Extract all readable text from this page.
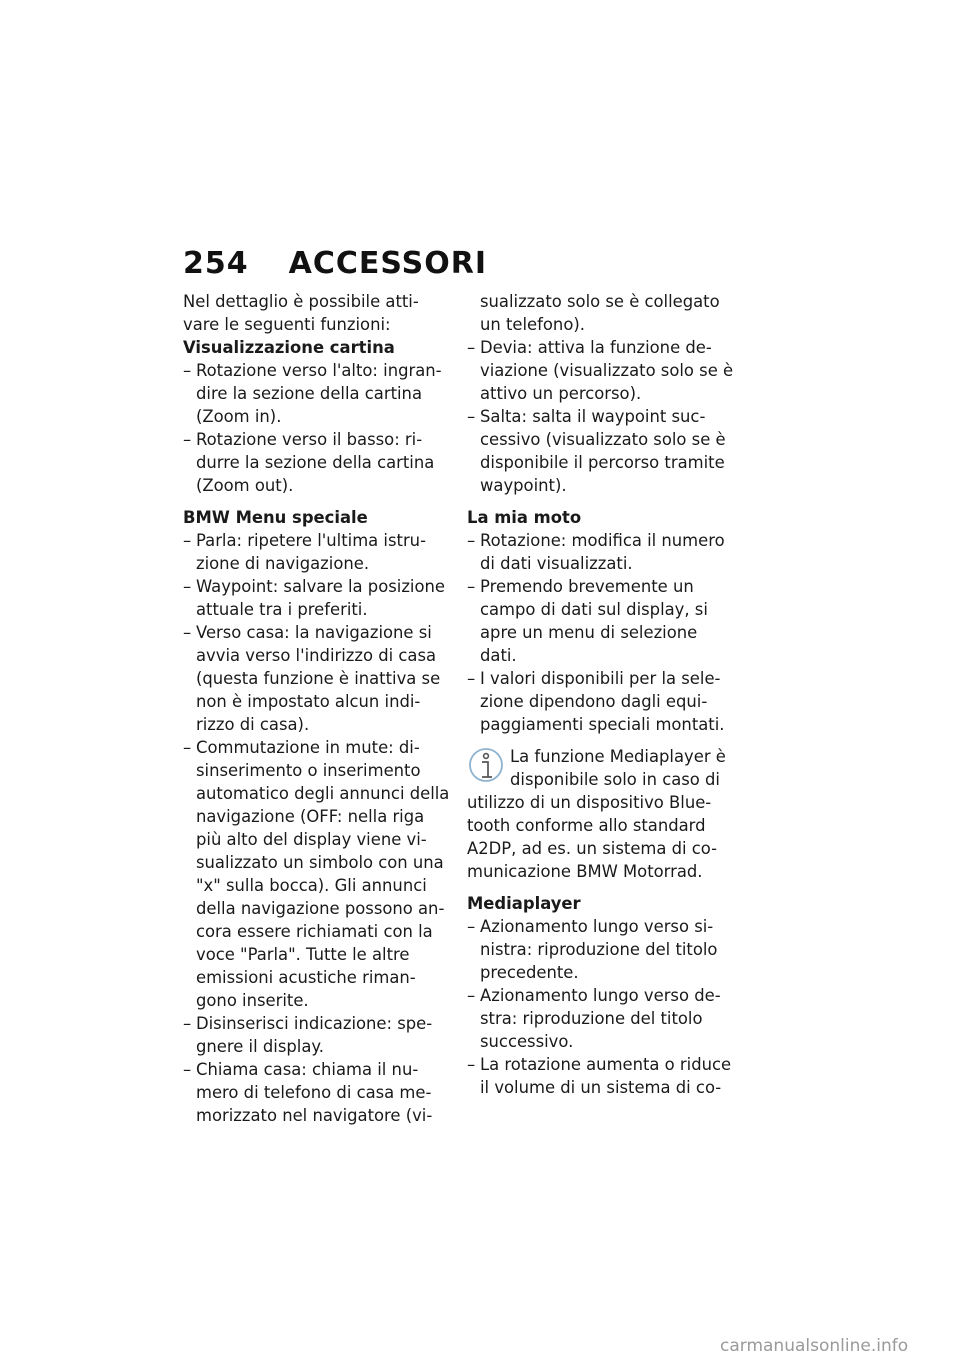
254 ACCESSORI

Nel dettaglio è possibile atti-

vare le seguenti funzioni:

Visualizzazione cartina

– Rotazione verso l'alto: ingran-
dire la sezione della cartina
(Zoom in).
– Rotazione verso il basso: ri-
durre la sezione della cartina
(Zoom out).

BMW Menu speciale

– Parla: ripetere l'ultima istru-
zione di navigazione.
– Waypoint: salvare la posizione
attuale tra i preferiti.
– Verso casa: la navigazione si
avvia verso l'indirizzo di casa
(questa funzione è inattiva se
non è impostato alcun indi-
rizzo di casa).
– Commutazione in mute: di-
sinserimento o inserimento
automatico degli annunci della
navigazione (OFF: nella riga
più alto del display viene vi-
sualizzato un simbolo con una
"x" sulla bocca). Gli annunci
della navigazione possono an-
cora essere richiamati con la
voce "Parla". Tutte le altre
emissioni acustiche riman-
gono inserite.
– Disinserisci indicazione: spe-
gnere il display.
– Chiama casa: chiama il nu-
mero di telefono di casa me-
morizzato nel navigatore (vi-
sualizzato solo se è collegato
un telefono).
– Devia: attiva la funzione de-
viazione (visualizzato solo se è
attivo un percorso).
– Salta: salta il waypoint suc-
cessivo (visualizzato solo se è
disponibile il percorso tramite
waypoint).

La mia moto

– Rotazione: modifica il numero
di dati visualizzati.
– Premendo brevemente un
campo di dati sul display, si
apre un menu di selezione
dati.
– I valori disponibili per la sele-
zione dipendono dagli equi-
paggiamenti speciali montati.
La funzione Mediaplayer è
disponibile solo in caso di
utilizzo di un dispositivo Blue-
tooth conforme allo standard
A2DP, ad es. un sistema di co-
municazione BMW Motorrad.

Mediaplayer

– Azionamento lungo verso si-
nistra: riproduzione del titolo
precedente.
– Azionamento lungo verso de-
stra: riproduzione del titolo
successivo.
– La rotazione aumenta o riduce
il volume di un sistema di co-
carmanualsonline.info
